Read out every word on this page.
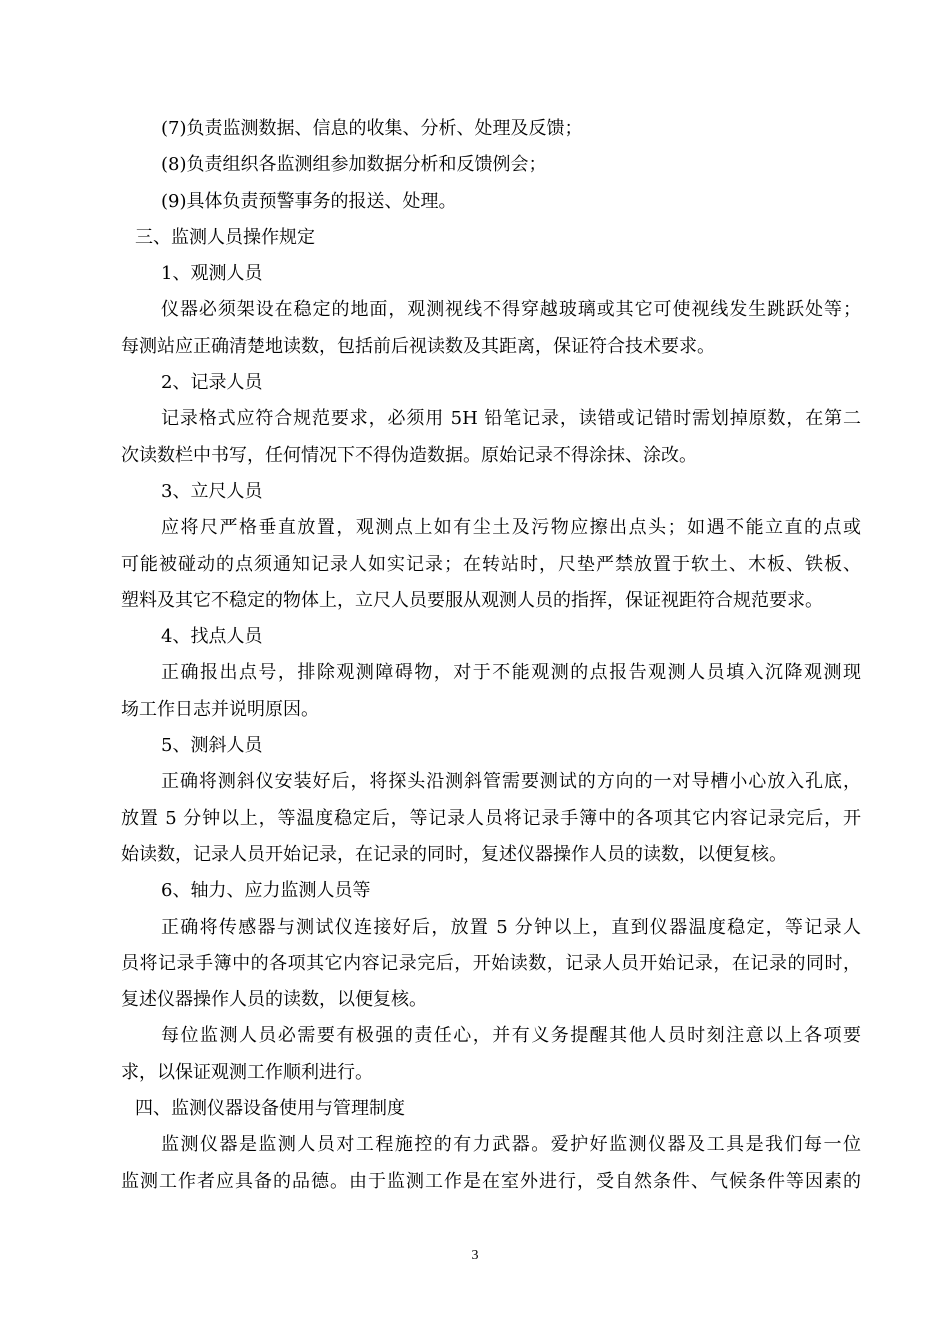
(7)负责监测数据、信息的收集、分析、处理及反馈；
(8)负责组织各监测组参加数据分析和反馈例会；
(9)具体负责预警事务的报送、处理。
三、监测人员操作规定
1、观测人员
仪器必须架设在稳定的地面，观测视线不得穿越玻璃或其它可使视线发生跳跃处等；
每测站应正确清楚地读数，包括前后视读数及其距离，保证符合技术要求。
2、记录人员
记录格式应符合规范要求，必须用 5H 铅笔记录，读错或记错时需划掉原数，在第二
次读数栏中书写，任何情况下不得伪造数据。原始记录不得涂抹、涂改。
3、立尺人员
应将尺严格垂直放置，观测点上如有尘土及污物应擦出点头；如遇不能立直的点或
可能被碰动的点须通知记录人如实记录；在转站时，尺垫严禁放置于软土、木板、铁板、
塑料及其它不稳定的物体上，立尺人员要服从观测人员的指挥，保证视距符合规范要求。
4、找点人员
正确报出点号，排除观测障碍物，对于不能观测的点报告观测人员填入沉降观测现
场工作日志并说明原因。
5、测斜人员
正确将测斜仪安装好后，将探头沿测斜管需要测试的方向的一对导槽小心放入孔底，
放置 5 分钟以上，等温度稳定后，等记录人员将记录手簿中的各项其它内容记录完后，开
始读数，记录人员开始记录，在记录的同时，复述仪器操作人员的读数，以便复核。
6、轴力、应力监测人员等
正确将传感器与测试仪连接好后，放置 5 分钟以上，直到仪器温度稳定，等记录人
员将记录手簿中的各项其它内容记录完后，开始读数，记录人员开始记录，在记录的同时，
复述仪器操作人员的读数，以便复核。
每位监测人员必需要有极强的责任心，并有义务提醒其他人员时刻注意以上各项要
求，以保证观测工作顺利进行。
四、监测仪器设备使用与管理制度
监测仪器是监测人员对工程施控的有力武器。爱护好监测仪器及工具是我们每一位
监测工作者应具备的品德。由于监测工作是在室外进行，受自然条件、气候条件等因素的
3
